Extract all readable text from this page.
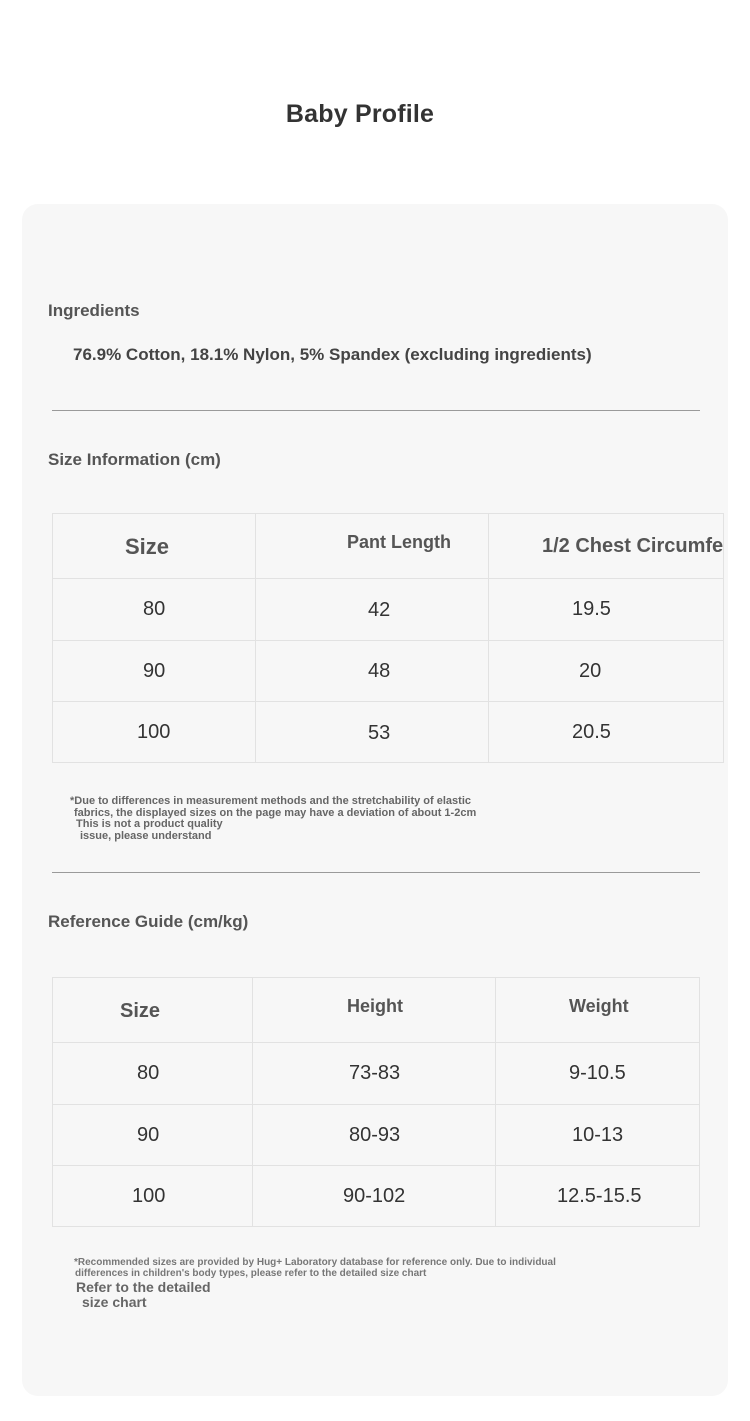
Baby Profile
Ingredients
76.9% Cotton, 18.1% Nylon, 5% Spandex (excluding ingredients)
Size Information (cm)
Size	Pant Length	1/2 Chest Circumfe

80	42	19.5

90	48	20

100	53	20.5
*Due to differences in measurement methods and the stretchability of elastic
fabrics, the displayed sizes on the page may have a deviation of about 1-2cm
This is not a product quality
issue, please understand
Reference Guide (cm/kg)
Size	Height	Weight

80	73-83	9-10.5

90	80-93	10-13

100	90-102	12.5-15.5
*Recommended sizes are provided by Hug+ Laboratory database for reference only. Due to individual
differences in children's body types, please refer to the detailed size chart
Refer to the detailed
size chart
